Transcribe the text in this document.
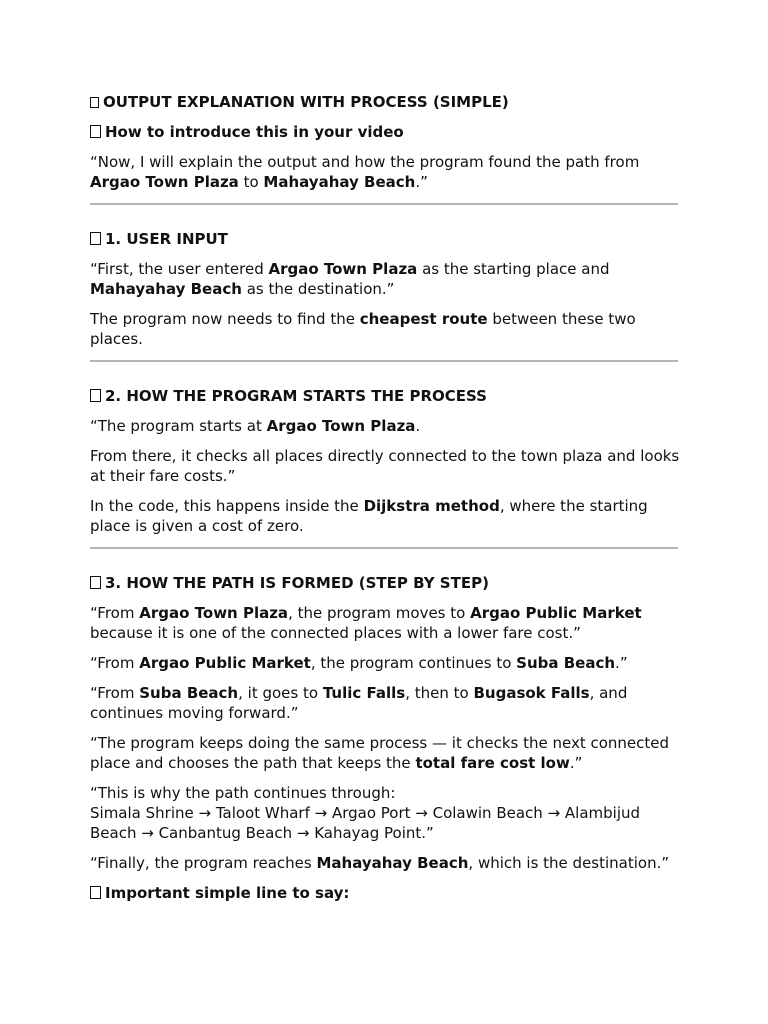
OUTPUT EXPLANATION WITH PROCESS (SIMPLE)
How to introduce this in your video

“Now, I will explain the output and how the program found the path from Argao Town Plaza to Mahayahay Beach.”

1. USER INPUT

“First, the user entered Argao Town Plaza as the starting place and Mahayahay Beach as the destination.”

The program now needs to find the cheapest route between these two places.

2. HOW THE PROGRAM STARTS THE PROCESS

“The program starts at Argao Town Plaza.

From there, it checks all places directly connected to the town plaza and looks at their fare costs.”

In the code, this happens inside the Dijkstra method, where the starting place is given a cost of zero.

3. HOW THE PATH IS FORMED (STEP BY STEP)

“From Argao Town Plaza, the program moves to Argao Public Market because it is one of the connected places with a lower fare cost.”

“From Argao Public Market, the program continues to Suba Beach.”

“From Suba Beach, it goes to Tulic Falls, then to Bugasok Falls, and continues moving forward.”

“The program keeps doing the same process — it checks the next connected place and chooses the path that keeps the total fare cost low.”

“This is why the path continues through:
Simala Shrine → Taloot Wharf → Argao Port → Colawin Beach → Alambijud Beach → Canbantug Beach → Kahayag Point.”

“Finally, the program reaches Mahayahay Beach, which is the destination.”

Important simple line to say:
